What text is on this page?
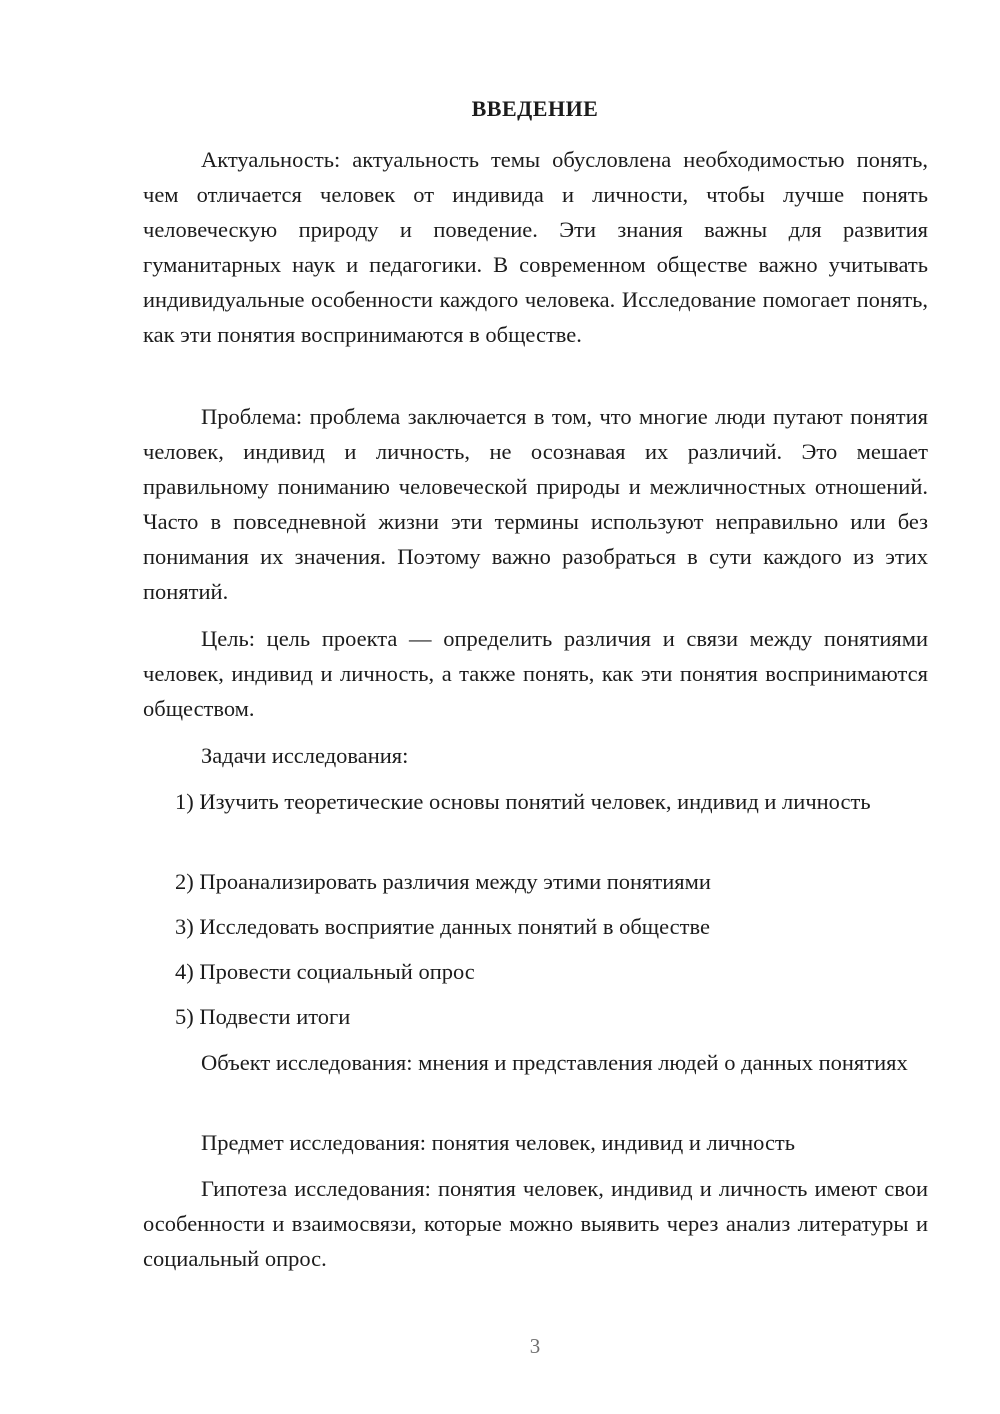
ВВЕДЕНИЕ

Актуальность: актуальность темы обусловлена необходимостью понять, чем отличается человек от индивида и личности, чтобы лучше понять человеческую природу и поведение. Эти знания важны для развития гуманитарных наук и педагогики. В современном обществе важно учитывать индивидуальные особенности каждого человека. Исследование помогает понять, как эти понятия воспринимаются в обществе.

Проблема: проблема заключается в том, что многие люди путают понятия человек, индивид и личность, не осознавая их различий. Это мешает правильному пониманию человеческой природы и межличностных отношений. Часто в повседневной жизни эти термины используют неправильно или без понимания их значения. Поэтому важно разобраться в сути каждого из этих понятий.

Цель: цель проекта — определить различия и связи между понятиями человек, индивид и личность, а также понять, как эти понятия воспринимаются обществом.

Задачи исследования:

1) Изучить теоретические основы понятий человек, индивид и личность

2) Проанализировать различия между этими понятиями

3) Исследовать восприятие данных понятий в обществе

4) Провести социальный опрос

5) Подвести итоги

Объект исследования: мнения и представления людей о данных понятиях

Предмет исследования: понятия человек, индивид и личность

Гипотеза исследования: понятия человек, индивид и личность имеют свои особенности и взаимосвязи, которые можно выявить через анализ литературы и социальный опрос.

3
